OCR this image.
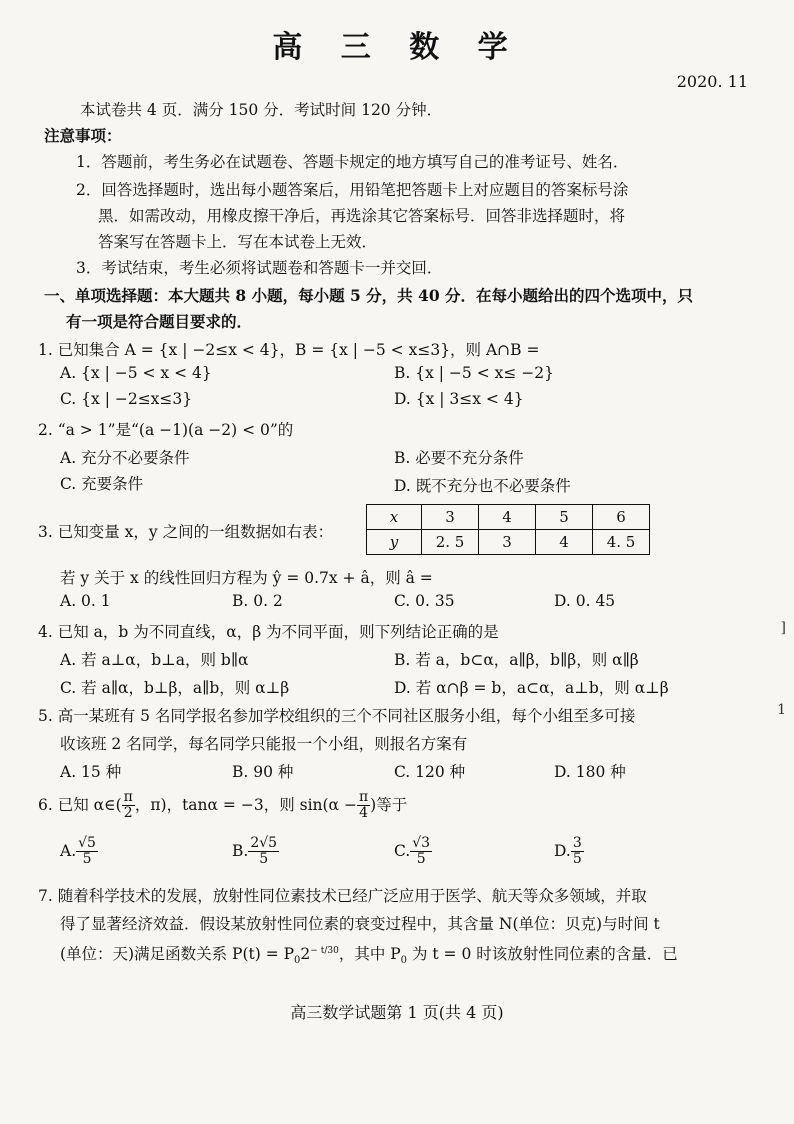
高 三 数 学
2020. 11
本试卷共 4 页．满分 150 分．考试时间 120 分钟．
注意事项：
1．答题前，考生务必在试题卷、答题卡规定的地方填写自己的准考证号、姓名．
2．回答选择题时，选出每小题答案后，用铅笔把答题卡上对应题目的答案标号涂
黑．如需改动，用橡皮擦干净后，再选涂其它答案标号．回答非选择题时，将
答案写在答题卡上．写在本试卷上无效．
3．考试结束，考生必须将试题卷和答题卡一并交回．
一、单项选择题：本大题共 8 小题，每小题 5 分，共 40 分．在每小题给出的四个选项中，只
有一项是符合题目要求的．
1. 已知集合 A = {x | −2≤x < 4}，B = {x | −5 < x≤3}，则 A∩B =
A. {x | −5 < x < 4}	B. {x | −5 < x≤ −2}
C. {x | −2≤x≤3}	D. {x | 3≤x < 4}
2. “a > 1”是“(a −1)(a −2) < 0”的
A. 充分不必要条件	B. 必要不充分条件
C. 充要条件	D. 既不充分也不必要条件
3. 已知变量 x，y 之间的一组数据如右表：
x	3	4	5	6
y	2. 5	3	4	4. 5
若 y 关于 x 的线性回归方程为 ŷ = 0.7x + â，则 â =
A. 0. 1	B. 0. 2	C. 0. 35	D. 0. 45
4. 已知 a，b 为不同直线，α，β 为不同平面，则下列结论正确的是
A. 若 a⊥α，b⊥a，则 b∥α	B. 若 a，b⊂α，a∥β，b∥β，则 α∥β
C. 若 a∥α，b⊥β，a∥b，则 α⊥β	D. 若 α∩β = b，a⊂α，a⊥b，则 α⊥β
5. 高一某班有 5 名同学报名参加学校组织的三个不同社区服务小组，每个小组至多可接
收该班 2 名同学，每名同学只能报一个小组，则报名方案有
A. 15 种	B. 90 种	C. 120 种	D. 180 种
6. 已知 α∈( $\frac{\pi}{2}$ ，π)，tanα = −3，则 $\sin(\alpha - \frac{\pi}{4}$ )等于
A. $\frac{√5}{5}$	B. $\frac{2√5}{5}$	C. $\frac{√3}{5}$	D. $\frac{3}{5}$
7. 随着科学技术的发展，放射性同位素技术已经广泛应用于医学、航天等众多领域，并取
得了显著经济效益．假设某放射性同位素的衰变过程中，其含量 N(单位：贝克)与时间 t
(单位：天)满足函数关系 $P(t) = P_02^{- t/30}$，其中 $P_0$ 为 t = 0 时该放射性同位素的含量．已
高三数学试题第 1 页(共 4 页)
]
1
